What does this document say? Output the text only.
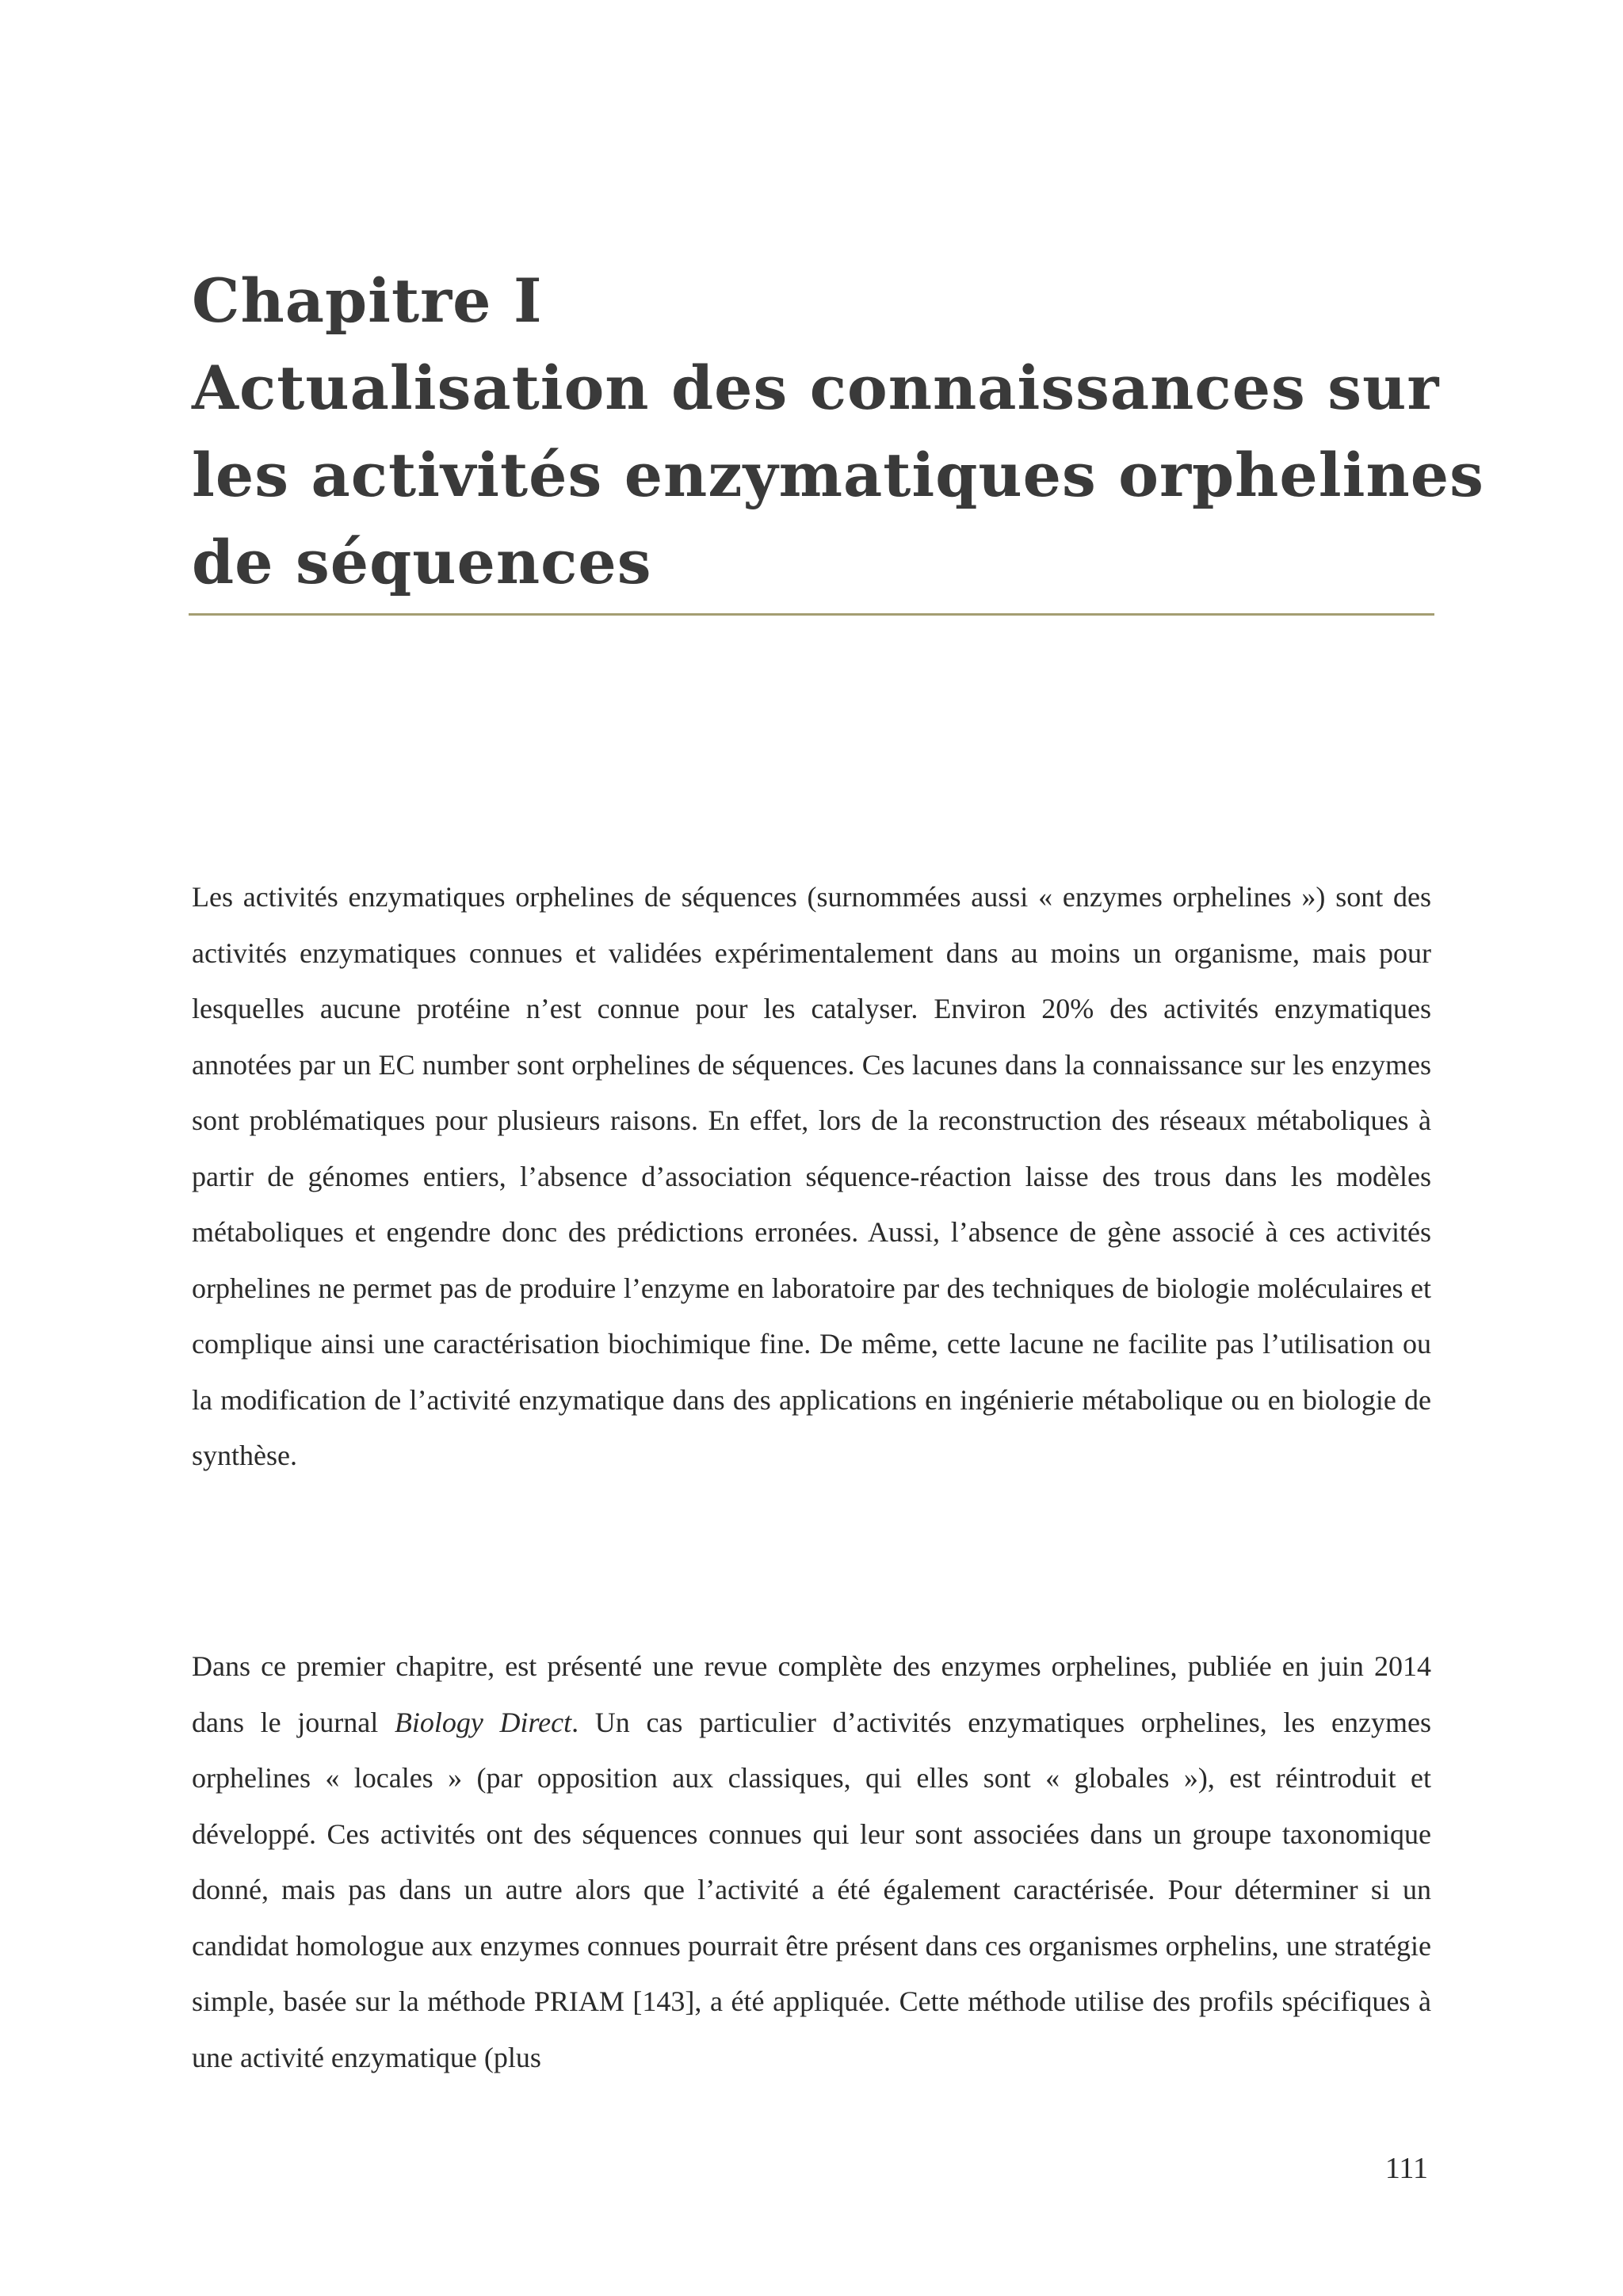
Chapitre I
Actualisation des connaissances sur
les activités enzymatiques orphelines
de séquences

Les activités enzymatiques orphelines de séquences (surnommées aussi « enzymes orphelines ») sont des activités enzymatiques connues et validées expérimentalement dans au moins un organisme, mais pour lesquelles aucune protéine n’est connue pour les catalyser. Environ 20% des activités enzymatiques annotées par un EC number sont orphelines de séquences. Ces lacunes dans la connaissance sur les enzymes sont problématiques pour plusieurs raisons. En effet, lors de la reconstruction des réseaux métaboliques à partir de génomes entiers, l’absence d’association séquence-réaction laisse des trous dans les modèles métaboliques et engendre donc des prédictions erronées. Aussi, l’absence de gène associé à ces activités orphelines ne permet pas de produire l’enzyme en laboratoire par des techniques de biologie moléculaires et complique ainsi une caractérisation biochimique fine. De même, cette lacune ne facilite pas l’utilisation ou la modification de l’activité enzymatique dans des applications en ingénierie métabolique ou en biologie de synthèse.

Dans ce premier chapitre, est présenté une revue complète des enzymes orphelines, publiée en juin 2014 dans le journal Biology Direct. Un cas particulier d’activités enzymatiques orphelines, les enzymes orphelines « locales » (par opposition aux classiques, qui elles sont « globales »), est réintroduit et développé. Ces activités ont des séquences connues qui leur sont associées dans un groupe taxonomique donné, mais pas dans un autre alors que l’activité a été également caractérisée. Pour déterminer si un candidat homologue aux enzymes connues pourrait être présent dans ces organismes orphelins, une stratégie simple, basée sur la méthode PRIAM [143], a été appliquée. Cette méthode utilise des profils spécifiques à une activité enzymatique (plus

111
